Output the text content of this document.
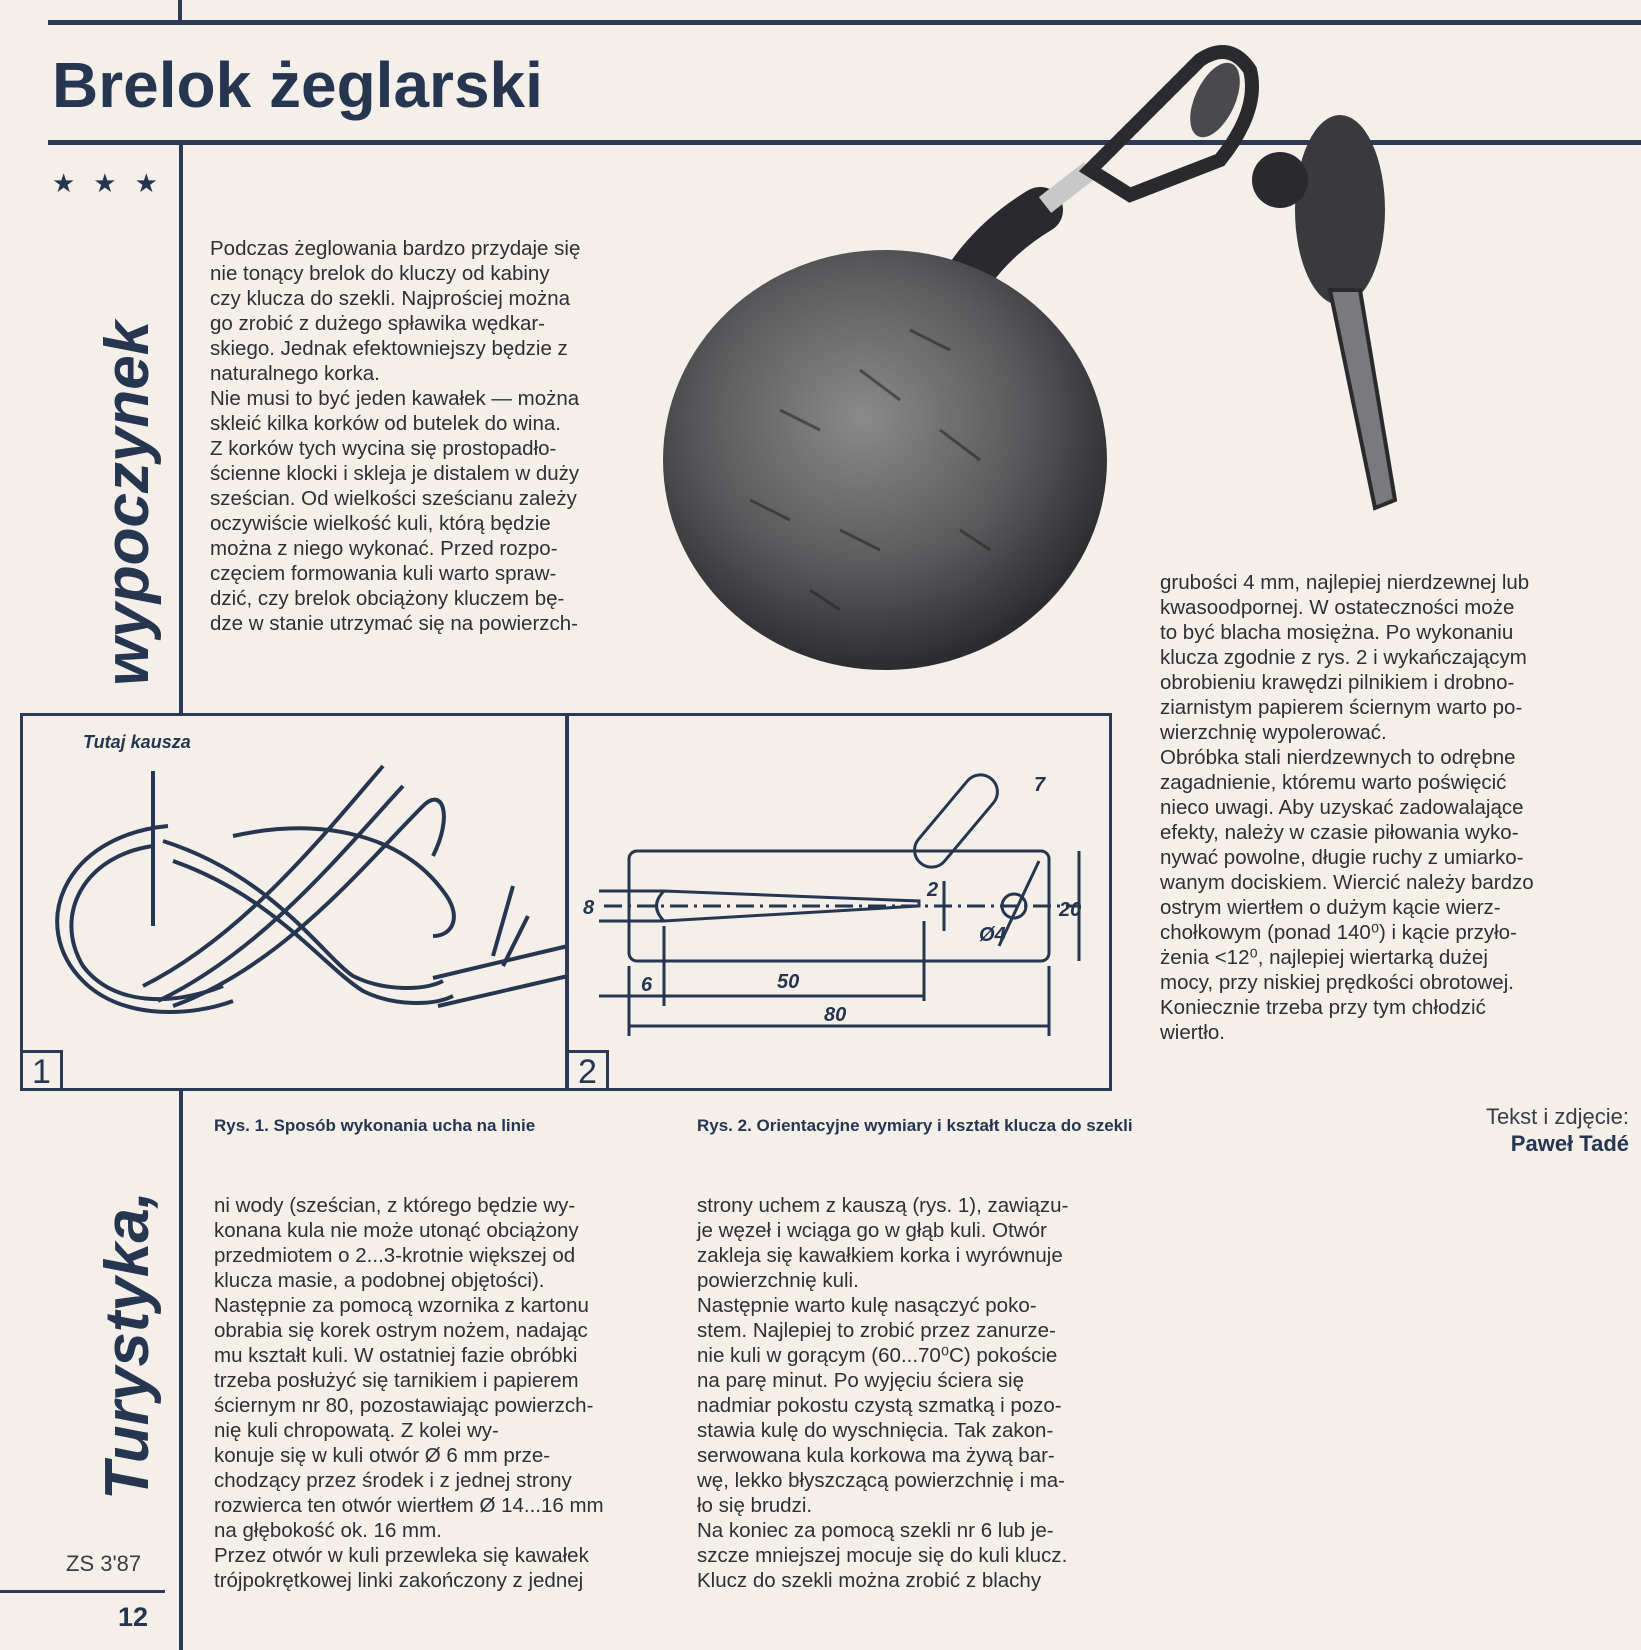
Brelok żeglarski
★★★
wypoczynek
Turystyka,

Podczas żeglowania bardzo przydaje się

nie tonący brelok do kluczy od kabiny

czy klucza do szekli. Najprościej można

go zrobić z dużego spławika wędkar-

skiego. Jednak efektowniejszy będzie z

naturalnego korka.

Nie musi to być jeden kawałek — można

skleić kilka korków od butelek do wina.

Z korków tych wycina się prostopadło-

ścienne klocki i skleja je distalem w duży

sześcian. Od wielkości sześcianu zależy

oczywiście wielkość kuli, którą będzie

można z niego wykonać. Przed rozpo-

częciem formowania kuli warto spraw-

dzić, czy brelok obciążony kluczem bę-

dze w stanie utrzymać się na powierzch-

Tutaj kausza
1
8
6	50
80
20
2
7
Ø4
2

grubości 4 mm, najlepiej nierdzewnej lub

kwasoodpornej. W ostateczności może

to być blacha mosiężna. Po wykonaniu

klucza zgodnie z rys. 2 i wykańczającym

obrobieniu krawędzi pilnikiem i drobno-

ziarnistym papierem ściernym warto po-

wierzchnię wypolerować.

Obróbka stali nierdzewnych to odrębne

zagadnienie, któremu warto poświęcić

nieco uwagi. Aby uzyskać zadowalające

efekty, należy w czasie piłowania wyko-

nywać powolne, długie ruchy z umiarko-

wanym dociskiem. Wiercić należy bardzo

ostrym wiertłem o dużym kącie wierz-

chołkowym (ponad 140⁰) i kącie przyło-

żenia <12⁰, najlepiej wiertarką dużej

mocy, przy niskiej prędkości obrotowej.

Koniecznie trzeba przy tym chłodzić

wiertło.

Tekst i zdjęcie:
Paweł Tadé
Rys. 1. Sposób wykonania ucha na linie	Rys. 2. Orientacyjne wymiary i kształt klucza do szekli

ni wody (sześcian, z którego będzie wy-

konana kula nie może utonąć obciążony

przedmiotem o 2...3-krotnie większej od

klucza masie, a podobnej objętości).

Następnie za pomocą wzornika z kartonu

obrabia się korek ostrym nożem, nadając

mu kształt kuli. W ostatniej fazie obróbki

trzeba posłużyć się tarnikiem i papierem

ściernym nr 80, pozostawiając powierzch-

nię kuli chropowatą. Z kolei wy-

konuje się w kuli otwór Ø 6 mm prze-

chodzący przez środek i z jednej strony

rozwierca ten otwór wiertłem Ø 14...16 mm

na głębokość ok. 16 mm.

Przez otwór w kuli przewleka się kawałek

trójpokrętkowej linki zakończony z jednej

strony uchem z kauszą (rys. 1), zawiązu-

je węzeł i wciąga go w głąb kuli. Otwór

zakleja się kawałkiem korka i wyrównuje

powierzchnię kuli.

Następnie warto kulę nasączyć poko-

stem. Najlepiej to zrobić przez zanurze-

nie kuli w gorącym (60...70⁰C) pokoście

na parę minut. Po wyjęciu ściera się

nadmiar pokostu czystą szmatką i pozo-

stawia kulę do wyschnięcia. Tak zakon-

serwowana kula korkowa ma żywą bar-

wę, lekko błyszczącą powierzchnię i ma-

ło się brudzi.

Na koniec za pomocą szekli nr 6 lub je-

szcze mniejszej mocuje się do kuli klucz.

Klucz do szekli można zrobić z blachy

ZS 3'87
12
